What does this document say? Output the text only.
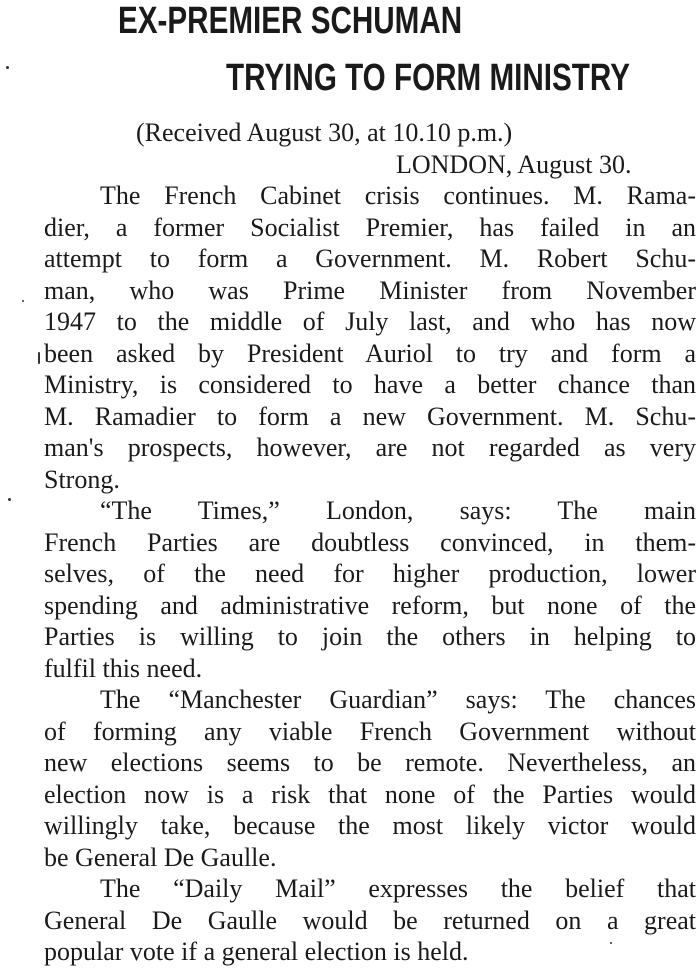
EX-PREMIER SCHUMAN
TRYING TO FORM MINISTRY
(Received August 30, at 10.10 p.m.)
LONDON, August 30.
The French Cabinet crisis continues. M. Rama-
dier, a former Socialist Premier, has failed in an
attempt to form a Government. M. Robert Schu-
man, who was Prime Minister from November
1947 to the middle of July last, and who has now
been asked by President Auriol to try and form a
Ministry, is considered to have a better chance than
M. Ramadier to form a new Government. M. Schu-
man's prospects, however, are not regarded as very
Strong.
“The Times,” London, says: The main
French Parties are doubtless convinced, in them-
selves, of the need for higher production, lower
spending and administrative reform, but none of the
Parties is willing to join the others in helping to
fulfil this need.
The “Manchester Guardian” says: The chances
of forming any viable French Government without
new elections seems to be remote. Nevertheless, an
election now is a risk that none of the Parties would
willingly take, because the most likely victor would
be General De Gaulle.
The “Daily Mail” expresses the belief that
General De Gaulle would be returned on a great
popular vote if a general election is held.
